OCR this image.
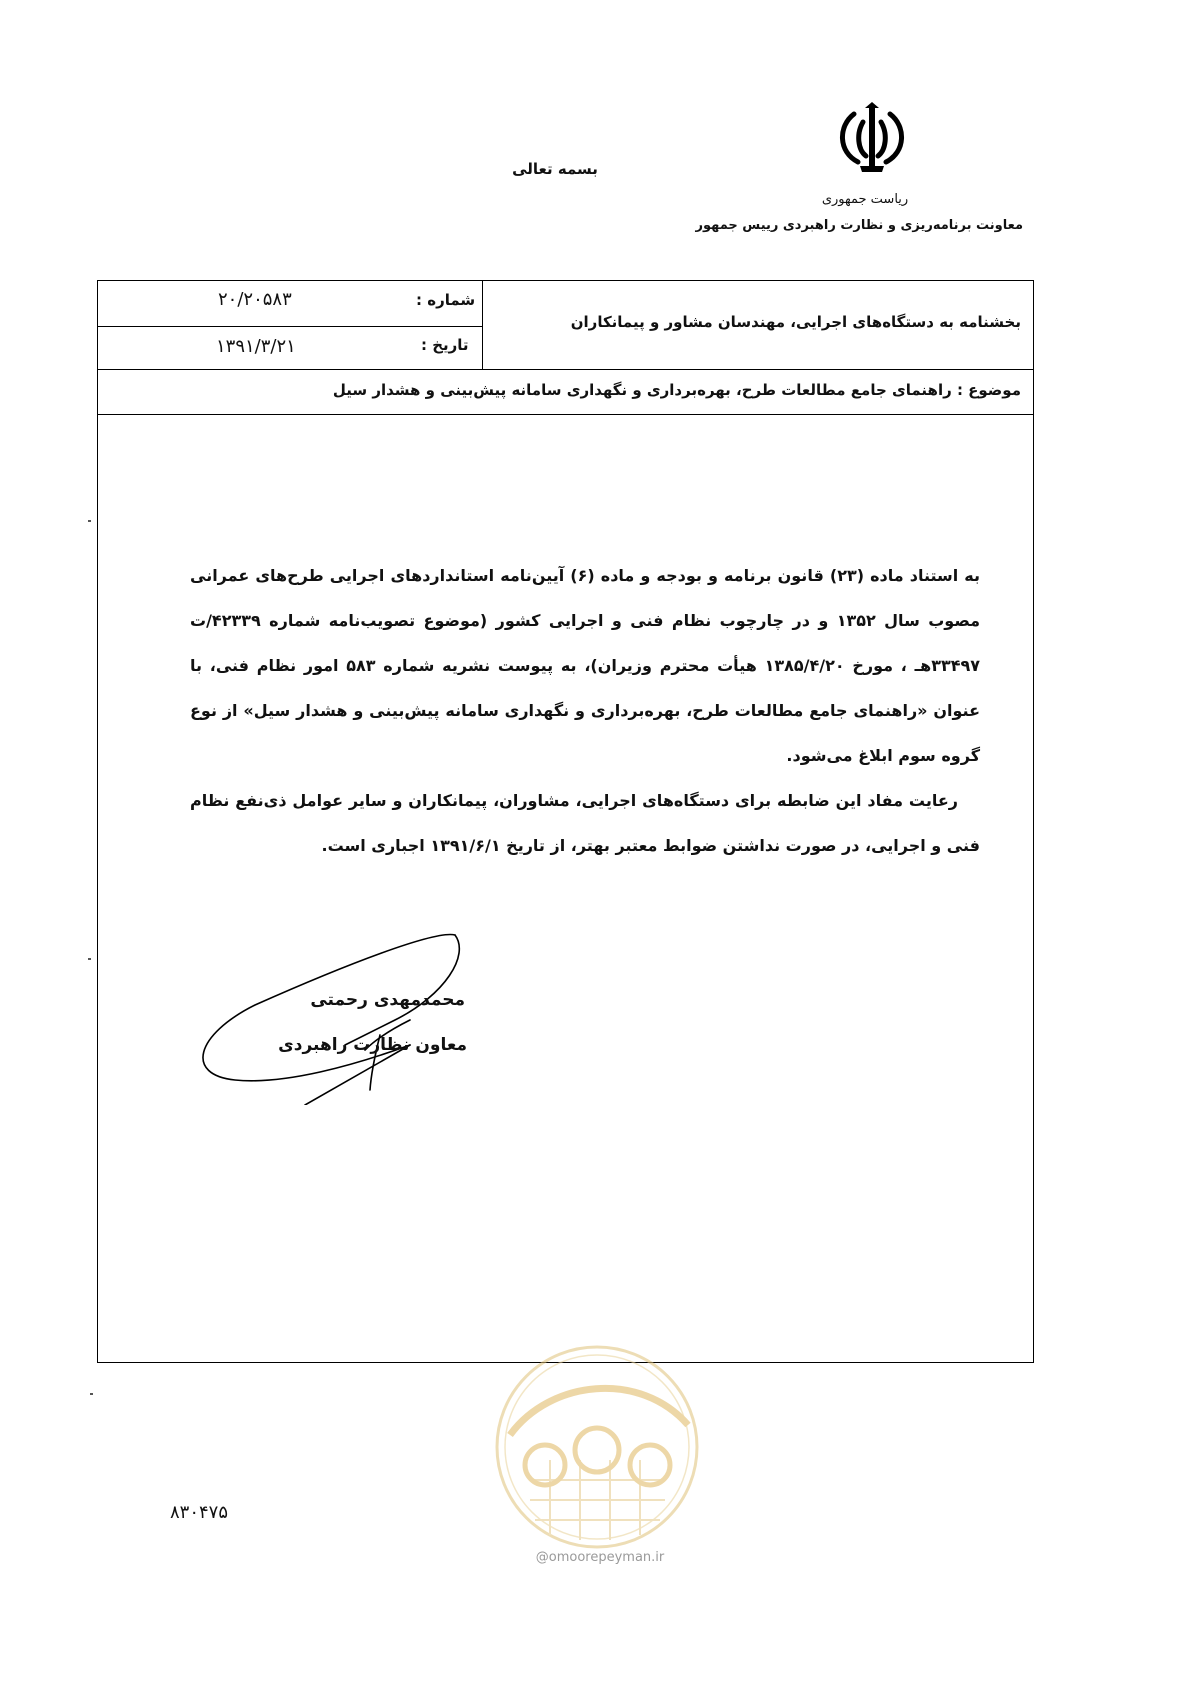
بسمه تعالی
ریاست جمهوری
معاونت برنامه‌ریزی و نظارت راهبردی رییس جمهور
بخشنامه به دستگاه‌های اجرایی، مهندسان مشاور و پیمانکاران
شماره :
۲۰/۲۰۵۸۳
تاریخ :
۱۳۹۱/۳/۲۱
موضوع : راهنمای جامع مطالعات طرح، بهره‌برداری و نگهداری سامانه پیش‌بینی و هشدار سیل

به استناد ماده (۲۳) قانون برنامه و بودجه و ماده (۶) آیین‌نامه استانداردهای اجرایی طرح‌های عمرانی مصوب سال ۱۳۵۲ و در چارچوب نظام فنی و اجرایی کشور (موضوع تصویب‌نامه شماره ۴۲۳۳۹/ت ۳۳۴۹۷هـ ، مورخ ۱۳۸۵/۴/۲۰ هیأت محترم وزیران)، به پیوست نشریه شماره ۵۸۳ امور نظام فنی، با عنوان «راهنمای جامع مطالعات طرح، بهره‌برداری و نگهداری سامانه پیش‌بینی و هشدار سیل» از نوع گروه سوم ابلاغ می‌شود.

رعایت مفاد این ضابطه برای دستگاه‌های اجرایی، مشاوران، پیمانکاران و سایر عوامل ذی‌نفع نظام فنی و اجرایی، در صورت نداشتن ضوابط معتبر بهتر، از تاریخ ۱۳۹۱/۶/۱ اجباری است.

محمدمهدی رحمتی
معاون نظارت راهبردی
@omoorepeyman.ir
۸۳۰۴۷۵
